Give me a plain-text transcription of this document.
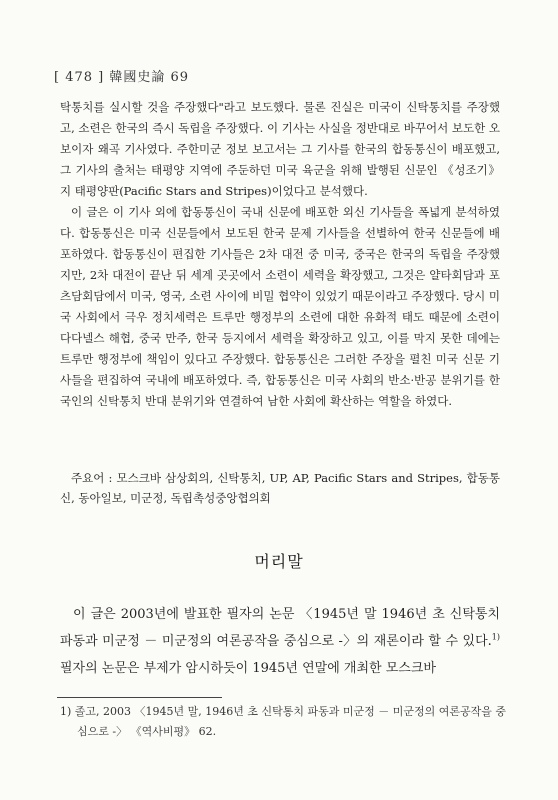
[ 478 ] 韓國史論 69

탁통치를 실시할 것을 주장했다"라고 보도했다. 물론 진실은 미국이 신탁통치를 주장했고, 소련은 한국의 즉시 독립을 주장했다. 이 기사는 사실을 정반대로 바꾸어서 보도한 오보이자 왜곡 기사였다. 주한미군 정보 보고서는 그 기사를 한국의 합동통신이 배포했고, 그 기사의 출처는 태평양 지역에 주둔하던 미국 육군을 위해 발행된 신문인 《성조기》지 태평양판(Pacific Stars and Stripes)이었다고 분석했다.

이 글은 이 기사 외에 합동통신이 국내 신문에 배포한 외신 기사들을 폭넓게 분석하였다. 합동통신은 미국 신문들에서 보도된 한국 문제 기사들을 선별하여 한국 신문들에 배포하였다. 합동통신이 편집한 기사들은 2차 대전 중 미국, 중국은 한국의 독립을 주장했지만, 2차 대전이 끝난 뒤 세계 곳곳에서 소련이 세력을 확장했고, 그것은 얄타회담과 포츠담회담에서 미국, 영국, 소련 사이에 비밀 협약이 있었기 때문이라고 주장했다. 당시 미국 사회에서 극우 정치세력은 트루만 행정부의 소련에 대한 유화적 태도 때문에 소련이 다다넬스 해협, 중국 만주, 한국 등지에서 세력을 확장하고 있고, 이를 막지 못한 데에는 트루만 행정부에 책임이 있다고 주장했다. 합동통신은 그러한 주장을 펼친 미국 신문 기사들을 편집하여 국내에 배포하였다. 즉, 합동통신은 미국 사회의 반소·반공 분위기를 한국인의 신탁통치 반대 분위기와 연결하여 남한 사회에 확산하는 역할을 하였다.

주요어 : 모스크바 삼상회의, 신탁통치, UP, AP, Pacific Stars and Stripes, 합동통신, 동아일보, 미군정, 독립촉성중앙협의회
머리말
이 글은 2003년에 발표한 필자의 논문 〈1945년 말 1946년 초 신탁통치 파동과 미군정 － 미군정의 여론공작을 중심으로 -〉의 재론이라 할 수 있다.$^{1)}$ 필자의 논문은 부제가 암시하듯이 1945년 연말에 개최한 모스크바
1) 졸고, 2003 〈1945년 말, 1946년 초 신탁통치 파동과 미군정 － 미군정의 여론공작을 중심으로 -〉 《역사비평》 62.
